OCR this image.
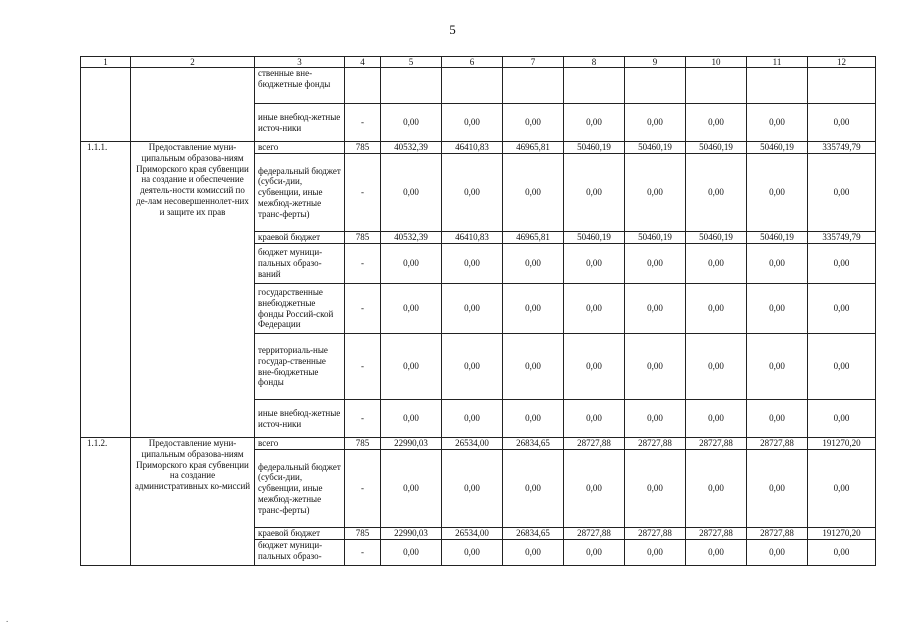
5
1	2	3	4	5	6	7	8	9	10	11	12
		ственные вне-бюджетные фонды									
		иные внебюд-жетные источ-ники	-	0,00	0,00	0,00	0,00	0,00	0,00	0,00	0,00
1.1.1.	Предоставление муни-ципальным образова-ниям Приморского края субвенции на создание и обеспечение деятель-ности комиссий по де-лам несовершеннолет-них и защите их прав	всего	785	40532,39	46410,83	46965,81	50460,19	50460,19	50460,19	50460,19	335749,79
		федеральный бюджет (субси-дии, субвенции, иные межбюд-жетные транс-ферты)	-	0,00	0,00	0,00	0,00	0,00	0,00	0,00	0,00
		краевой бюджет	785	40532,39	46410,83	46965,81	50460,19	50460,19	50460,19	50460,19	335749,79
		бюджет муници-пальных образо-ваний	-	0,00	0,00	0,00	0,00	0,00	0,00	0,00	0,00
		государственные внебюджетные фонды Россий-ской Федерации	-	0,00	0,00	0,00	0,00	0,00	0,00	0,00	0,00
		территориаль-ные государ-ственные вне-бюджетные фонды	-	0,00	0,00	0,00	0,00	0,00	0,00	0,00	0,00
		иные внебюд-жетные источ-ники	-	0,00	0,00	0,00	0,00	0,00	0,00	0,00	0,00
1.1.2.	Предоставление муни-ципальным образова-ниям Приморского края субвенции на создание административных ко-миссий	всего	785	22990,03	26534,00	26834,65	28727,88	28727,88	28727,88	28727,88	191270,20
		федеральный бюджет (субси-дии, субвенции, иные межбюд-жетные транс-ферты)	-	0,00	0,00	0,00	0,00	0,00	0,00	0,00	0,00
		краевой бюджет	785	22990,03	26534,00	26834,65	28727,88	28727,88	28727,88	28727,88	191270,20
		бюджет муници-пальных образо-	-	0,00	0,00	0,00	0,00	0,00	0,00	0,00	0,00
.
